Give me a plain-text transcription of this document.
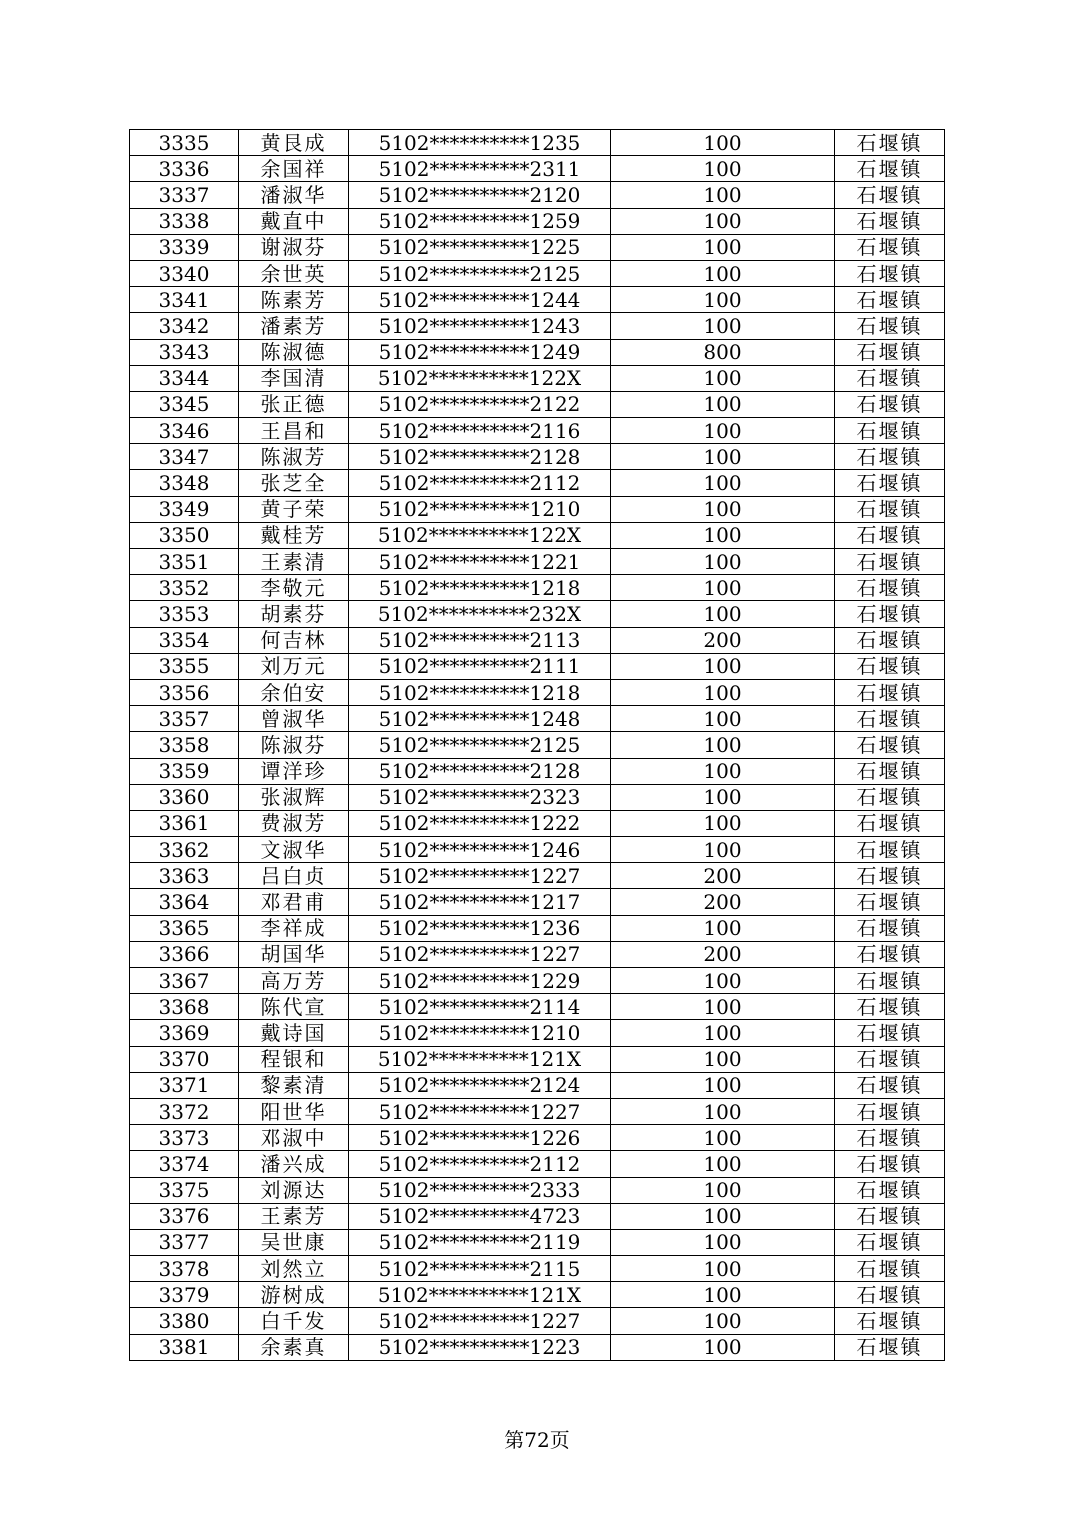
3335	黄艮成	5102**********1235	100	石堰镇
3336	余国祥	5102**********2311	100	石堰镇
3337	潘淑华	5102**********2120	100	石堰镇
3338	戴直中	5102**********1259	100	石堰镇
3339	谢淑芬	5102**********1225	100	石堰镇
3340	余世英	5102**********2125	100	石堰镇
3341	陈素芳	5102**********1244	100	石堰镇
3342	潘素芳	5102**********1243	100	石堰镇
3343	陈淑德	5102**********1249	800	石堰镇
3344	李国清	5102**********122X	100	石堰镇
3345	张正德	5102**********2122	100	石堰镇
3346	王昌和	5102**********2116	100	石堰镇
3347	陈淑芳	5102**********2128	100	石堰镇
3348	张芝全	5102**********2112	100	石堰镇
3349	黄子荣	5102**********1210	100	石堰镇
3350	戴桂芳	5102**********122X	100	石堰镇
3351	王素清	5102**********1221	100	石堰镇
3352	李敬元	5102**********1218	100	石堰镇
3353	胡素芬	5102**********232X	100	石堰镇
3354	何吉林	5102**********2113	200	石堰镇
3355	刘万元	5102**********2111	100	石堰镇
3356	余伯安	5102**********1218	100	石堰镇
3357	曾淑华	5102**********1248	100	石堰镇
3358	陈淑芬	5102**********2125	100	石堰镇
3359	谭洋珍	5102**********2128	100	石堰镇
3360	张淑辉	5102**********2323	100	石堰镇
3361	费淑芳	5102**********1222	100	石堰镇
3362	文淑华	5102**********1246	100	石堰镇
3363	吕白贞	5102**********1227	200	石堰镇
3364	邓君甫	5102**********1217	200	石堰镇
3365	李祥成	5102**********1236	100	石堰镇
3366	胡国华	5102**********1227	200	石堰镇
3367	高万芳	5102**********1229	100	石堰镇
3368	陈代宣	5102**********2114	100	石堰镇
3369	戴诗国	5102**********1210	100	石堰镇
3370	程银和	5102**********121X	100	石堰镇
3371	黎素清	5102**********2124	100	石堰镇
3372	阳世华	5102**********1227	100	石堰镇
3373	邓淑中	5102**********1226	100	石堰镇
3374	潘兴成	5102**********2112	100	石堰镇
3375	刘源达	5102**********2333	100	石堰镇
3376	王素芳	5102**********4723	100	石堰镇
3377	吴世康	5102**********2119	100	石堰镇
3378	刘然立	5102**********2115	100	石堰镇
3379	游树成	5102**********121X	100	石堰镇
3380	白千发	5102**********1227	100	石堰镇
3381	余素真	5102**********1223	100	石堰镇
第72页
